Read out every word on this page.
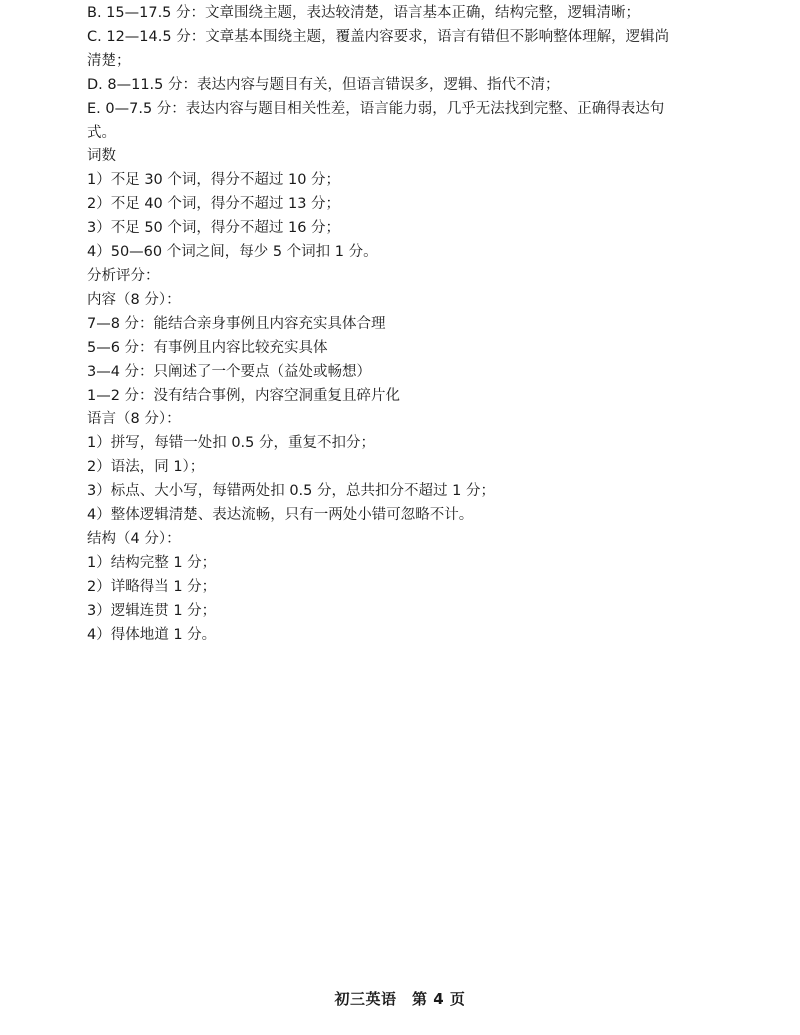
B. 15—17.5 分：文章围绕主题，表达较清楚，语言基本正确，结构完整，逻辑清晰；
C. 12—14.5 分：文章基本围绕主题，覆盖内容要求，语言有错但不影响整体理解，逻辑尚
清楚；
D. 8—11.5 分：表达内容与题目有关，但语言错误多，逻辑、指代不清；
E. 0—7.5 分：表达内容与题目相关性差，语言能力弱，几乎无法找到完整、正确得表达句
式。
词数
1）不足 30 个词，得分不超过 10 分；
2）不足 40 个词，得分不超过 13 分；
3）不足 50 个词，得分不超过 16 分；
4）50—60 个词之间，每少 5 个词扣 1 分。
分析评分：
内容（8 分）：
7—8 分：能结合亲身事例且内容充实具体合理
5—6 分：有事例且内容比较充实具体
3—4 分：只阐述了一个要点（益处或畅想）
1—2 分：没有结合事例，内容空洞重复且碎片化
语言（8 分）：
1）拼写，每错一处扣 0.5 分，重复不扣分；
2）语法，同 1）；
3）标点、大小写，每错两处扣 0.5 分，总共扣分不超过 1 分；
4）整体逻辑清楚、表达流畅，只有一两处小错可忽略不计。
结构（4 分）：
1）结构完整 1 分；
2）详略得当 1 分；
3）逻辑连贯 1 分；
4）得体地道 1 分。
初三英语　第 4 页
